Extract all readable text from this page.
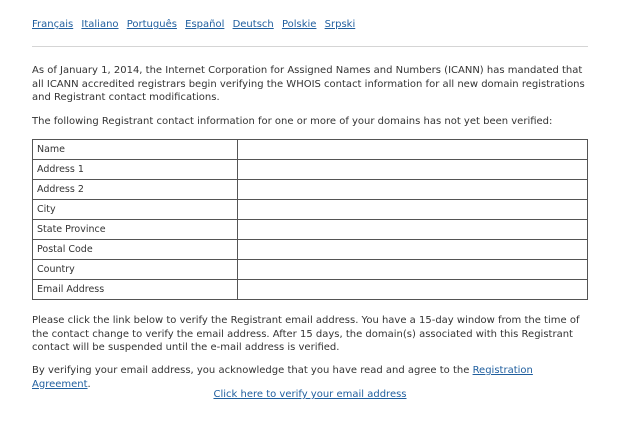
Français Italiano Português Español Deutsch Polskie Srpski

As of January 1, 2014, the Internet Corporation for Assigned Names and Numbers (ICANN) has mandated that all ICANN accredited registrars begin verifying the WHOIS contact information for all new domain registrations and Registrant contact modifications.

The following Registrant contact information for one or more of your domains has not yet been verified:

Name	
Address 1	
Address 2	
City	
State Province	
Postal Code	
Country	
Email Address	

Please click the link below to verify the Registrant email address. You have a 15-day window from the time of the contact change to verify the email address. After 15 days, the domain(s) associated with this Registrant contact will be suspended until the e-mail address is verified.

By verifying your email address, you acknowledge that you have read and agree to the Registration Agreement.

Click here to verify your email address
